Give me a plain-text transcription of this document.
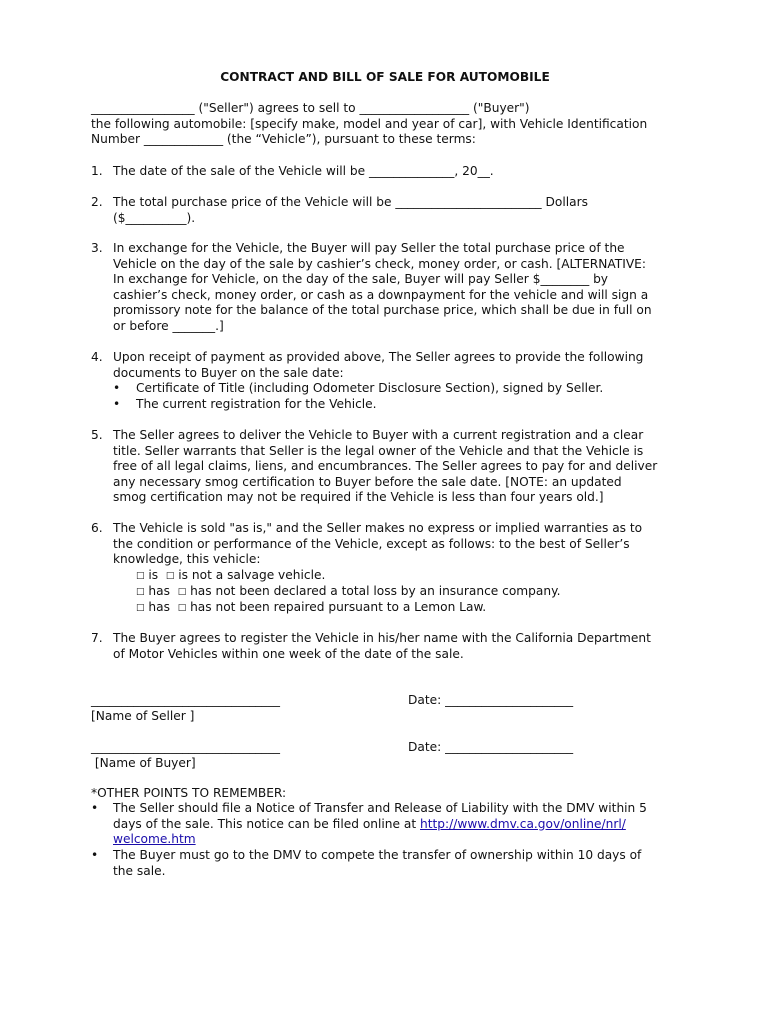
CONTRACT AND BILL OF SALE FOR AUTOMOBILE

_________________ ("Seller") agrees to sell to __________________ ("Buyer")

the following automobile: [specify make, model and year of car], with Vehicle Identification

Number _____________ (the “Vehicle”), pursuant to these terms:

1. The date of the sale of the Vehicle will be ______________, 20__.

2. The total purchase price of the Vehicle will be ________________________ Dollars

($__________).

3. In exchange for the Vehicle, the Buyer will pay Seller the total purchase price of the

Vehicle on the day of the sale by cashier’s check, money order, or cash. [ALTERNATIVE:

In exchange for Vehicle, on the day of the sale, Buyer will pay Seller $________ by

cashier’s check, money order, or cash as a downpayment for the vehicle and will sign a

promissory note for the balance of the total purchase price, which shall be due in full on

or before _______.]

4. Upon receipt of payment as provided above, The Seller agrees to provide the following

documents to Buyer on the sale date:

• Certificate of Title (including Odometer Disclosure Section), signed by Seller.
• The current registration for the Vehicle.
5. The Seller agrees to deliver the Vehicle to Buyer with a current registration and a clear

title. Seller warrants that Seller is the legal owner of the Vehicle and that the Vehicle is

free of all legal claims, liens, and encumbrances. The Seller agrees to pay for and deliver

any necessary smog certification to Buyer before the sale date. [NOTE: an updated

smog certification may not be required if the Vehicle is less than four years old.]

6. The Vehicle is sold "as is," and the Seller makes no express or implied warranties as to

the condition or performance of the Vehicle, except as follows: to the best of Seller’s

knowledge, this vehicle:

□ is □ is not a salvage vehicle.
□ has □ has not been declared a total loss by an insurance company.
□ has □ has not been repaired pursuant to a Lemon Law.
7. The Buyer agrees to register the Vehicle in his/her name with the California Department

of Motor Vehicles within one week of the date of the sale.

_______________________________	Date: _____________________
[Name of Seller ]
_______________________________	Date: _____________________
[Name of Buyer]
*OTHER POINTS TO REMEMBER:
• The Seller should file a Notice of Transfer and Release of Liability with the DMV within 5

days of the sale. This notice can be filed online at http://www.dmv.ca.gov/online/nrl/

welcome.htm

• The Buyer must go to the DMV to compete the transfer of ownership within 10 days of

the sale.
